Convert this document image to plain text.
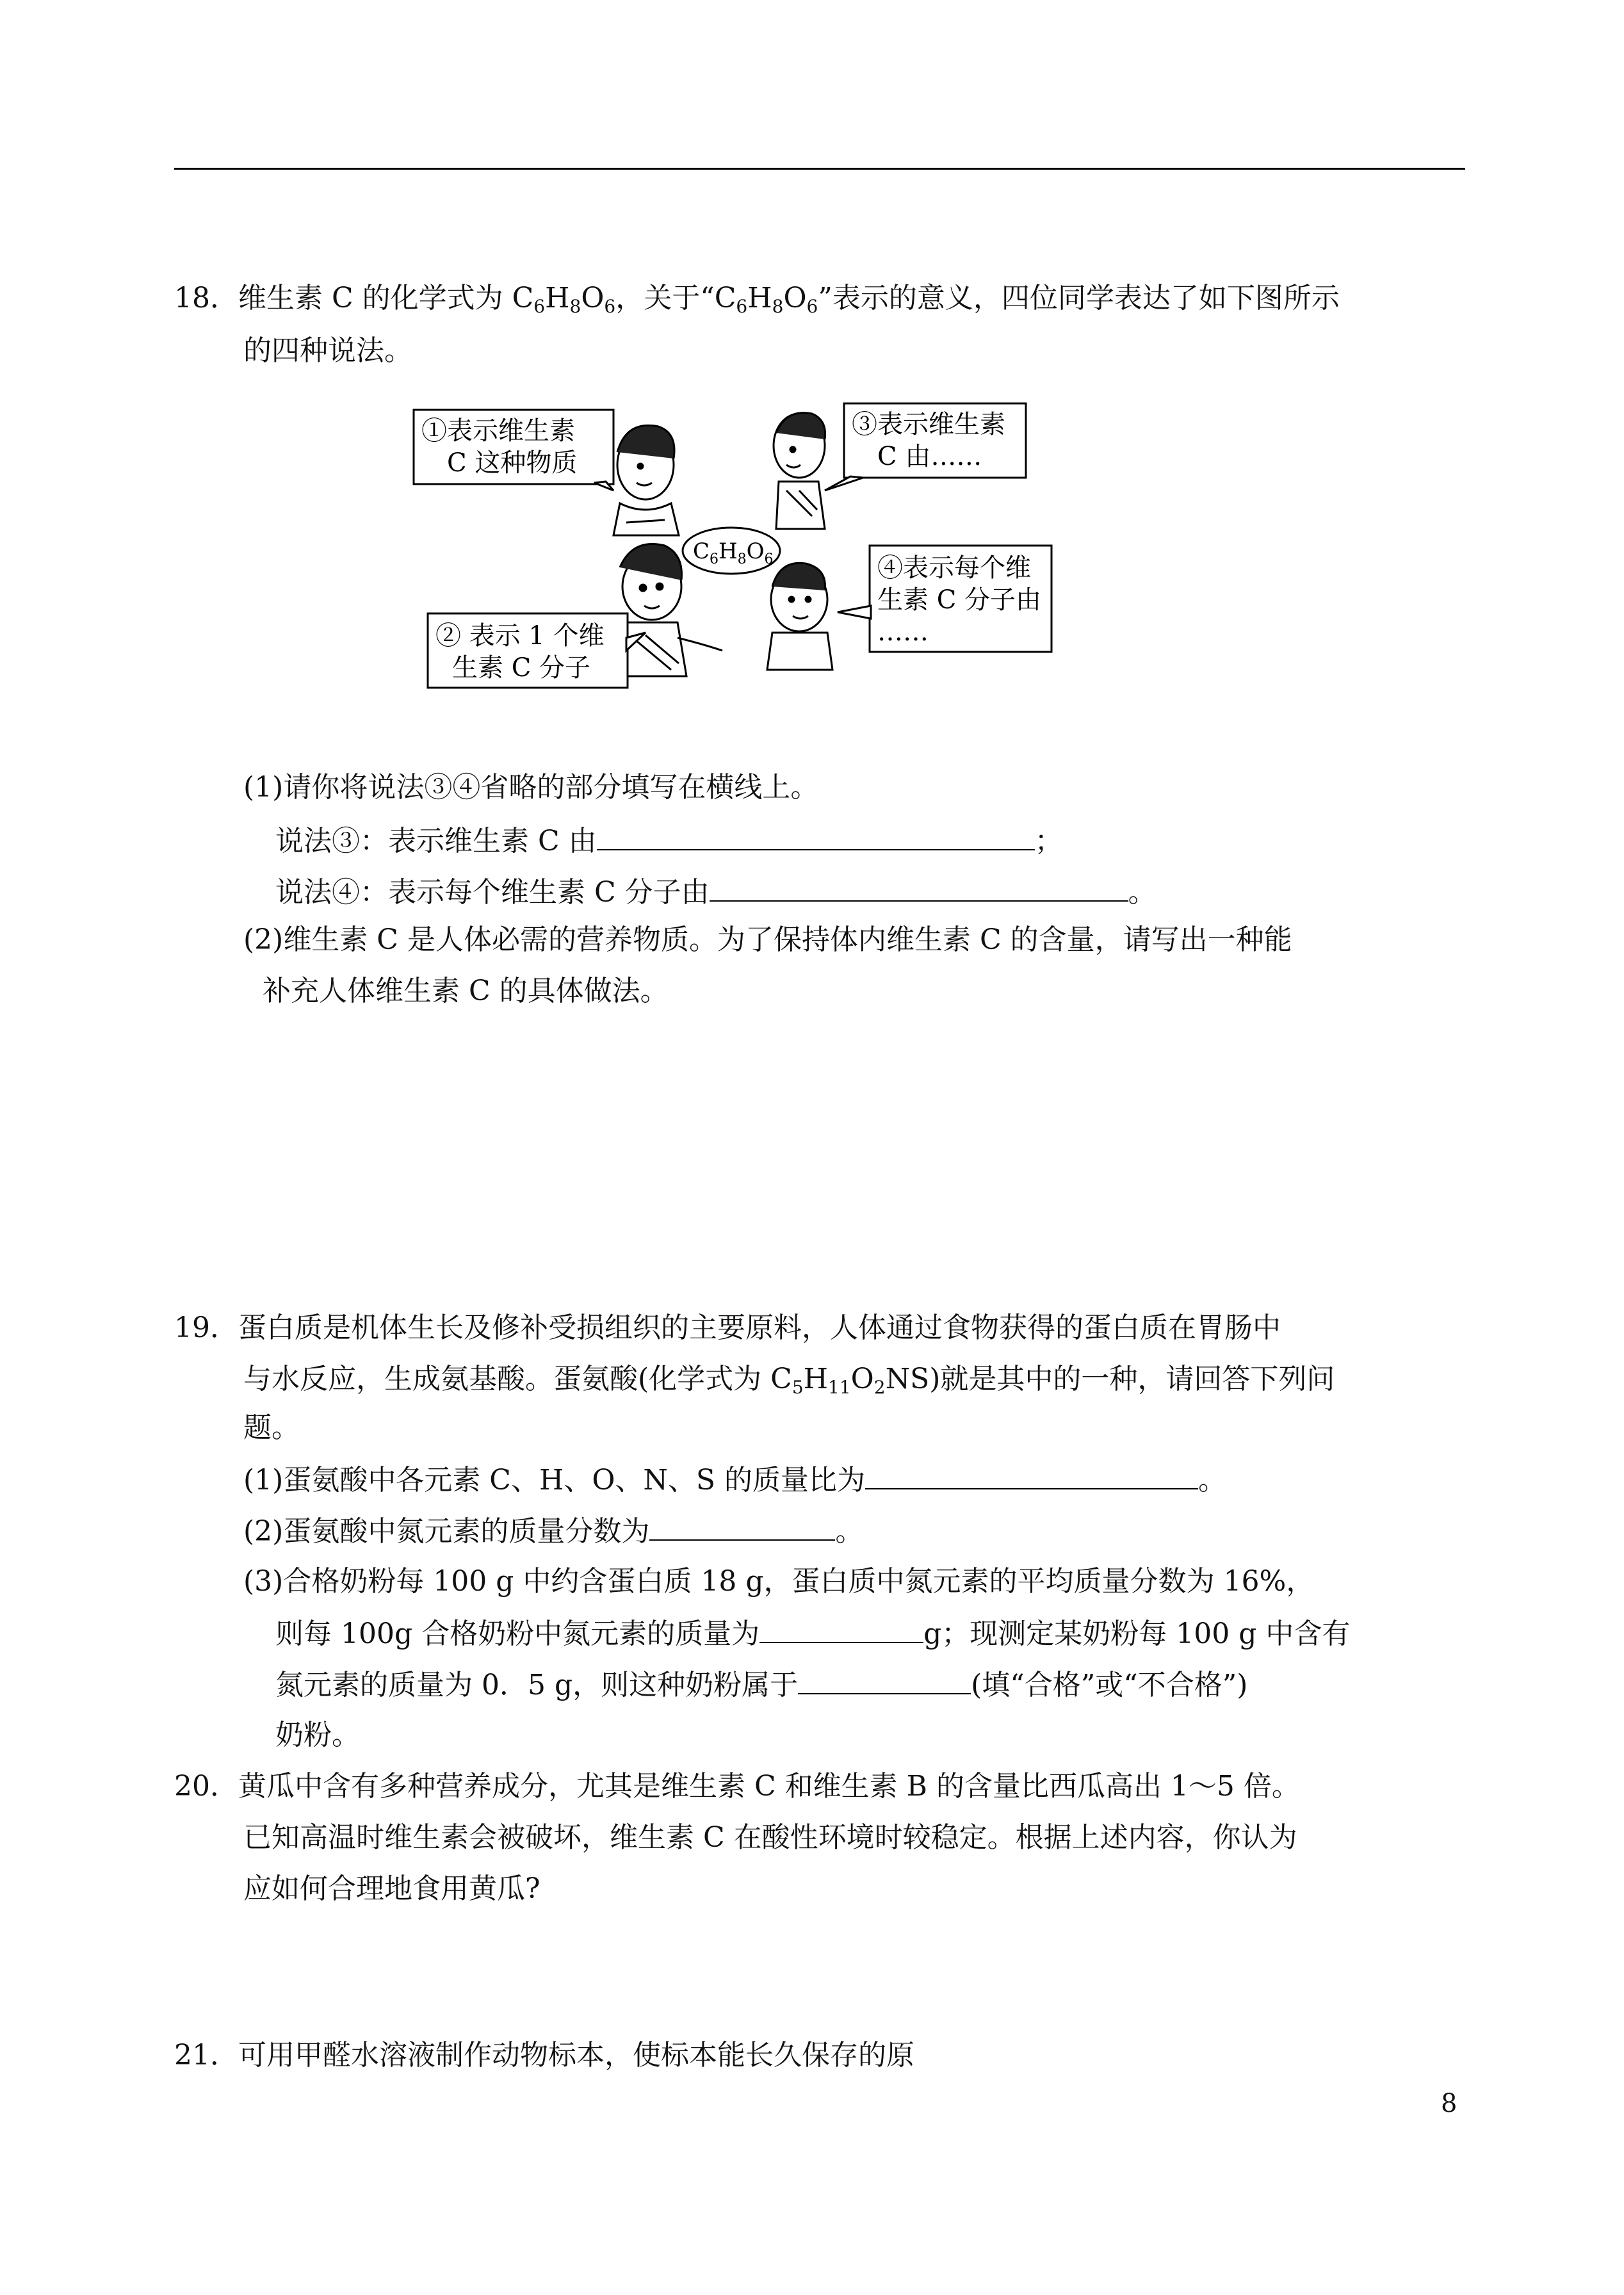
18．维生素 C 的化学式为 $C_6H_8O_6$，关于“$C_6H_8O_6$”表示的意义，四位同学表达了如下图所示
的四种说法。
①表示维生素
C 这种物质
③表示维生素
C 由……
$C_6H_8O_6$
② 表示 1 个维
生素 C 分子
④表示每个维
生素 C 分子由
……
(1)请你将说法③④省略的部分填写在横线上。
说法③：表示维生素 C 由	；
说法④：表示每个维生素 C 分子由	。
(2)维生素 C 是人体必需的营养物质。为了保持体内维生素 C 的含量，请写出一种能
补充人体维生素 C 的具体做法。
19．蛋白质是机体生长及修补受损组织的主要原料，人体通过食物获得的蛋白质在胃肠中
与水反应，生成氨基酸。蛋氨酸(化学式为 $C_5H_{11}O_2NS$)就是其中的一种，请回答下列问
题。
(1)蛋氨酸中各元素 C、H、O、N、S 的质量比为	。
(2)蛋氨酸中氮元素的质量分数为	。
(3)合格奶粉每 100 g 中约含蛋白质 18 g，蛋白质中氮元素的平均质量分数为 16%，
则每 100g 合格奶粉中氮元素的质量为	g；现测定某奶粉每 100 g 中含有
氮元素的质量为 0．5 g，则这种奶粉属于	(填“合格”或“不合格”)
奶粉。
20．黄瓜中含有多种营养成分，尤其是维生素 C 和维生素 B 的含量比西瓜高出 1～5 倍。
已知高温时维生素会被破坏，维生素 C 在酸性环境时较稳定。根据上述内容，你认为
应如何合理地食用黄瓜?
21．可用甲醛水溶液制作动物标本，使标本能长久保存的原
8
